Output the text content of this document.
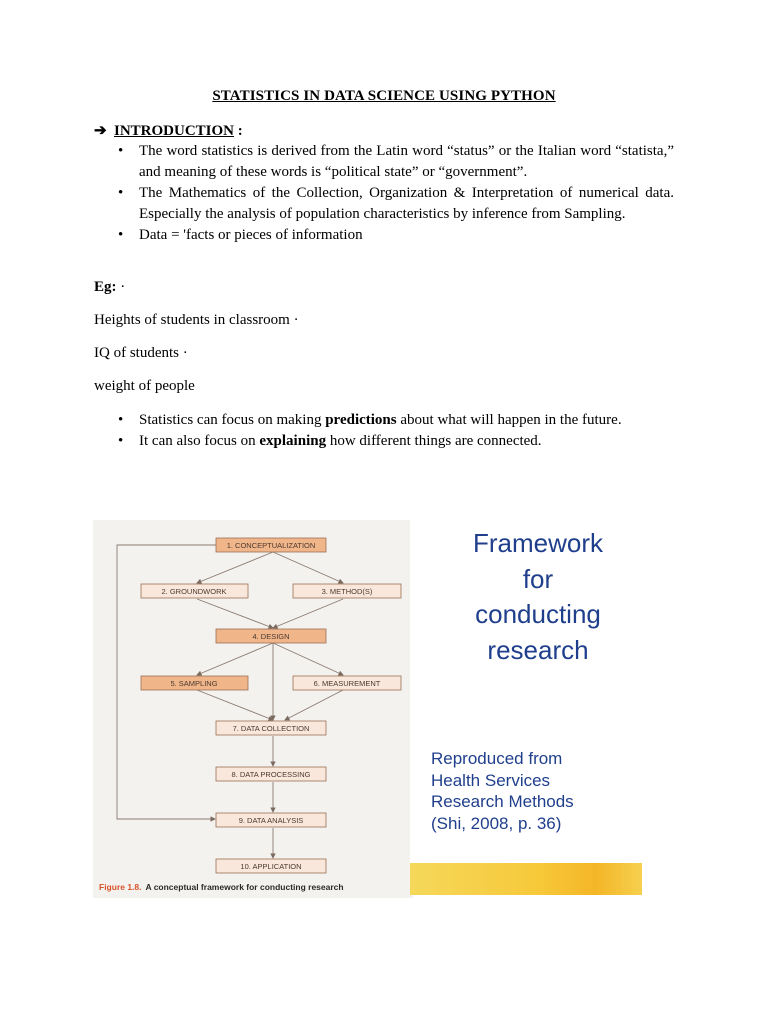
STATISTICS IN DATA SCIENCE USING PYTHON
➔ INTRODUCTION :
• The word statistics is derived from the Latin word “status” or the Italian word “statista,” and meaning of these words is “political state” or “government”.
• The Mathematics of the Collection, Organization & Interpretation of numerical data. Especially the analysis of population characteristics by inference from Sampling.
• Data = 'facts or pieces of information
Eg: ·
Heights of students in classroom ·
IQ of students ·
weight of people
• Statistics can focus on making predictions about what will happen in the future.
• It can also focus on explaining how different things are connected.
1. CONCEPTUALIZATION
2. GROUNDWORK	3. METHOD(S)
4. DESIGN
5. SAMPLING	6. MEASUREMENT
7. DATA COLLECTION
8. DATA PROCESSING
9. DATA ANALYSIS
10. APPLICATION
Figure 1.8. A conceptual framework for conducting research
Framework
for
conducting
research
Reproduced from
Health Services
Research Methods
(Shi, 2008, p. 36)
